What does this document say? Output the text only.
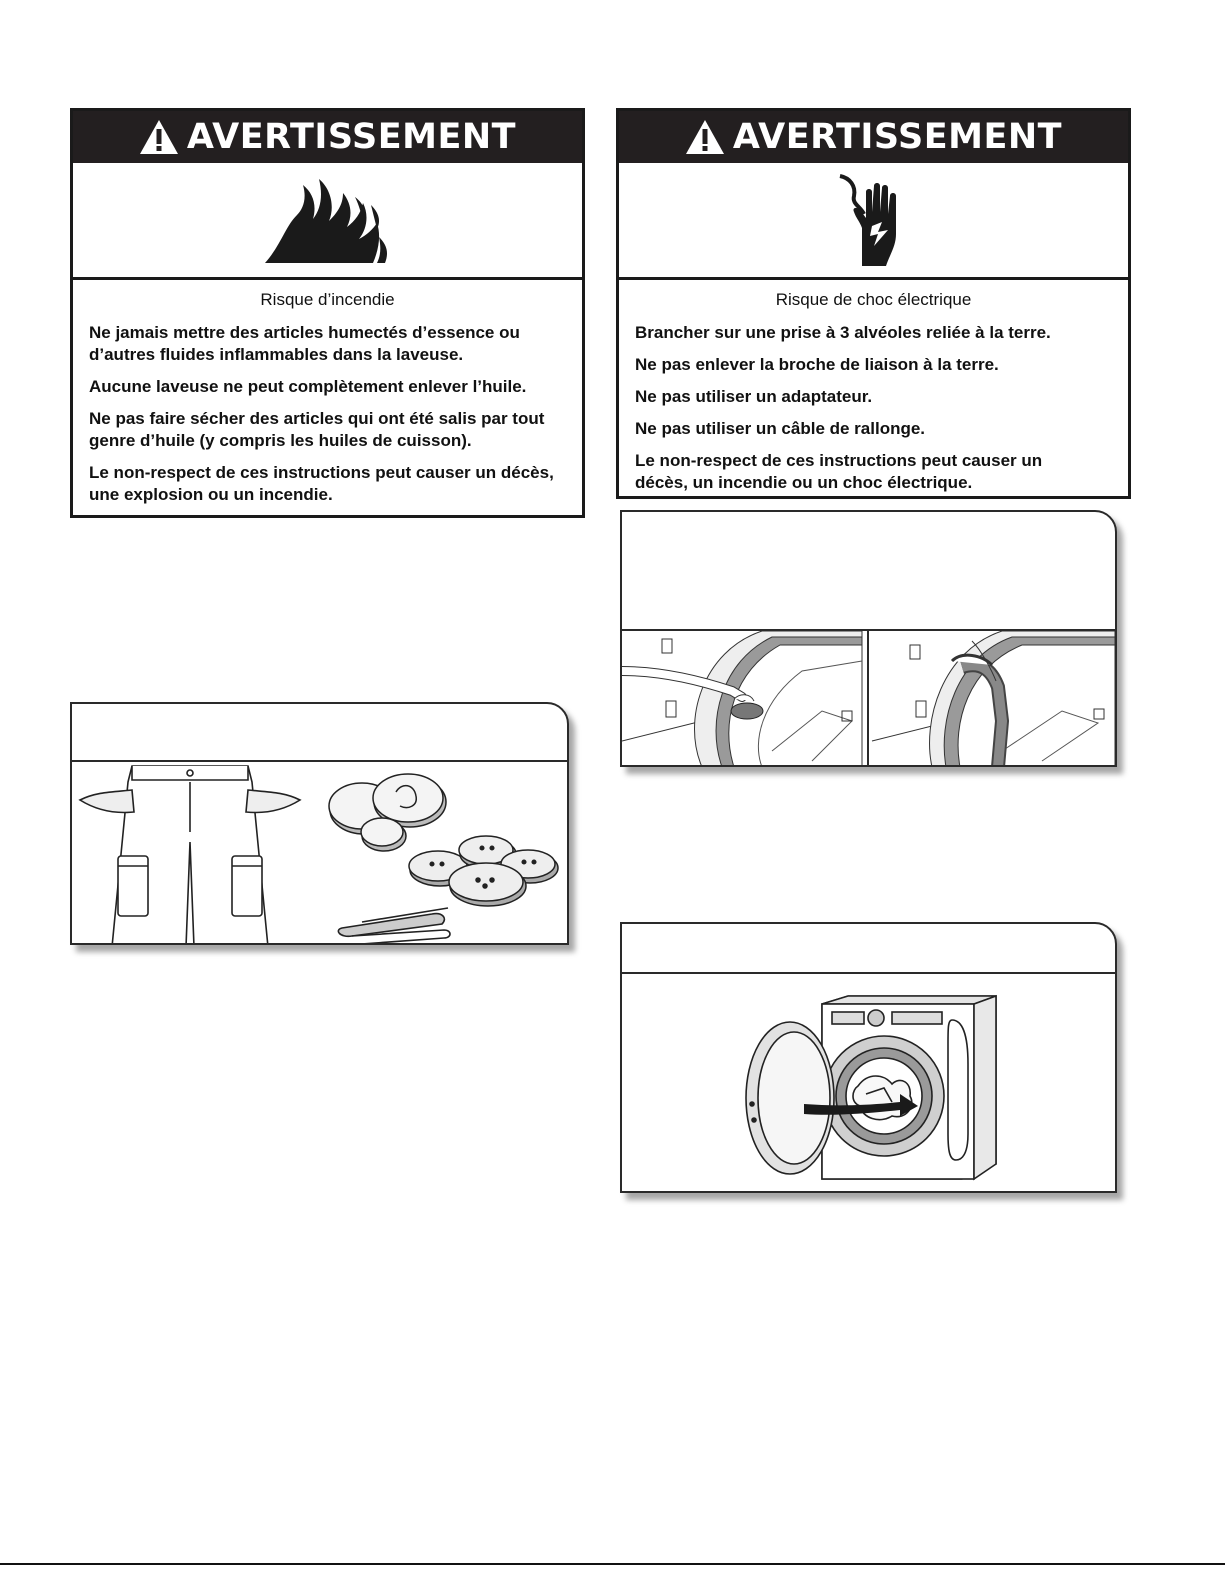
AVERTISSEMENT
Risque d’incendie
Ne jamais mettre des articles humectés d’essence ou d’autres fluides inflammables dans la laveuse.
Aucune laveuse ne peut complètement enlever l’huile.
Ne pas faire sécher des articles qui ont été salis par tout genre d’huile (y compris les huiles de cuisson).
Le non-respect de ces instructions peut causer un décès, une explosion ou un incendie.
AVERTISSEMENT
Risque de choc électrique
Brancher sur une prise à 3 alvéoles reliée à la terre.
Ne pas enlever la broche de liaison à la terre.
Ne pas utiliser un adaptateur.
Ne pas utiliser un câble de rallonge.
Le non-respect de ces instructions peut causer un décès, un incendie ou un choc électrique.
